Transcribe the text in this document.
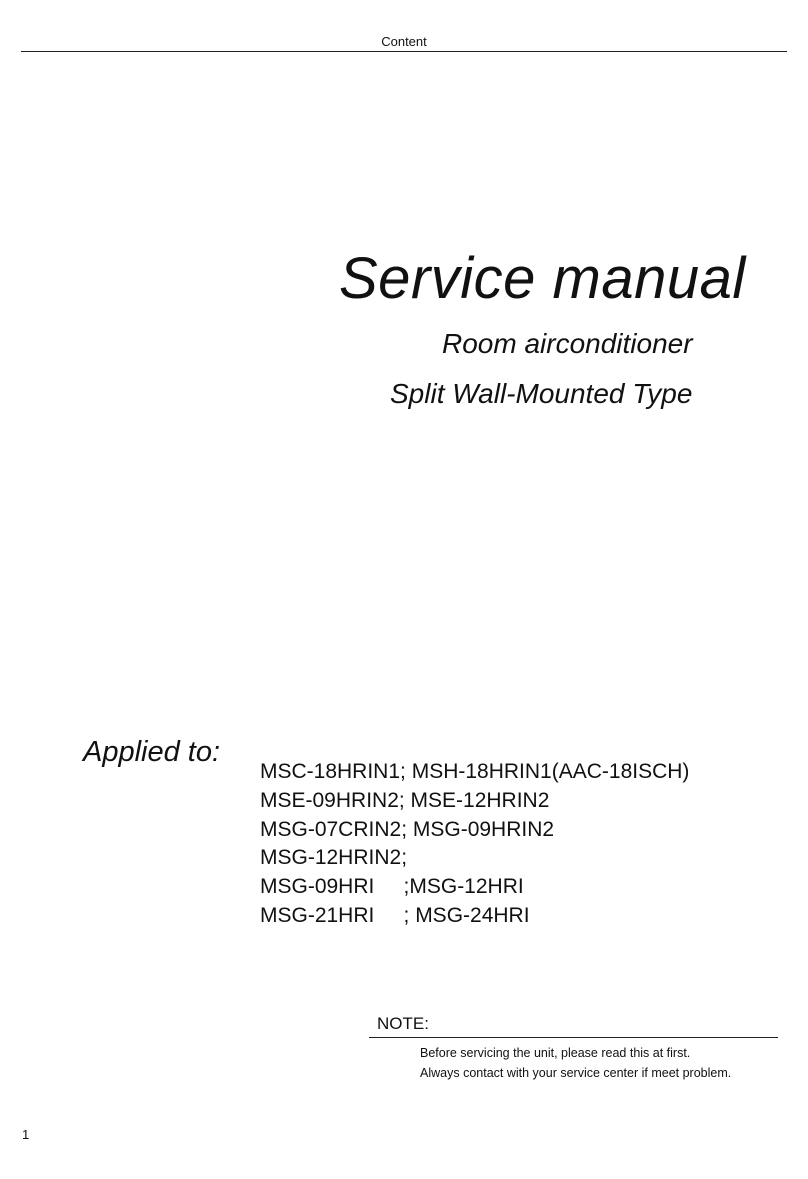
Content
Service manual
Room airconditioner
Split Wall-Mounted Type
Applied to:
MSC-18HRIN1; MSH-18HRIN1(AAC-18ISCH)
MSE-09HRIN2; MSE-12HRIN2
MSG-07CRIN2; MSG-09HRIN2
MSG-12HRIN2;
MSG-09HRI     ;MSG-12HRI
MSG-21HRI     ; MSG-24HRI
NOTE:
Before servicing the unit, please read this at first.
Always contact with your service center if meet problem.
1
